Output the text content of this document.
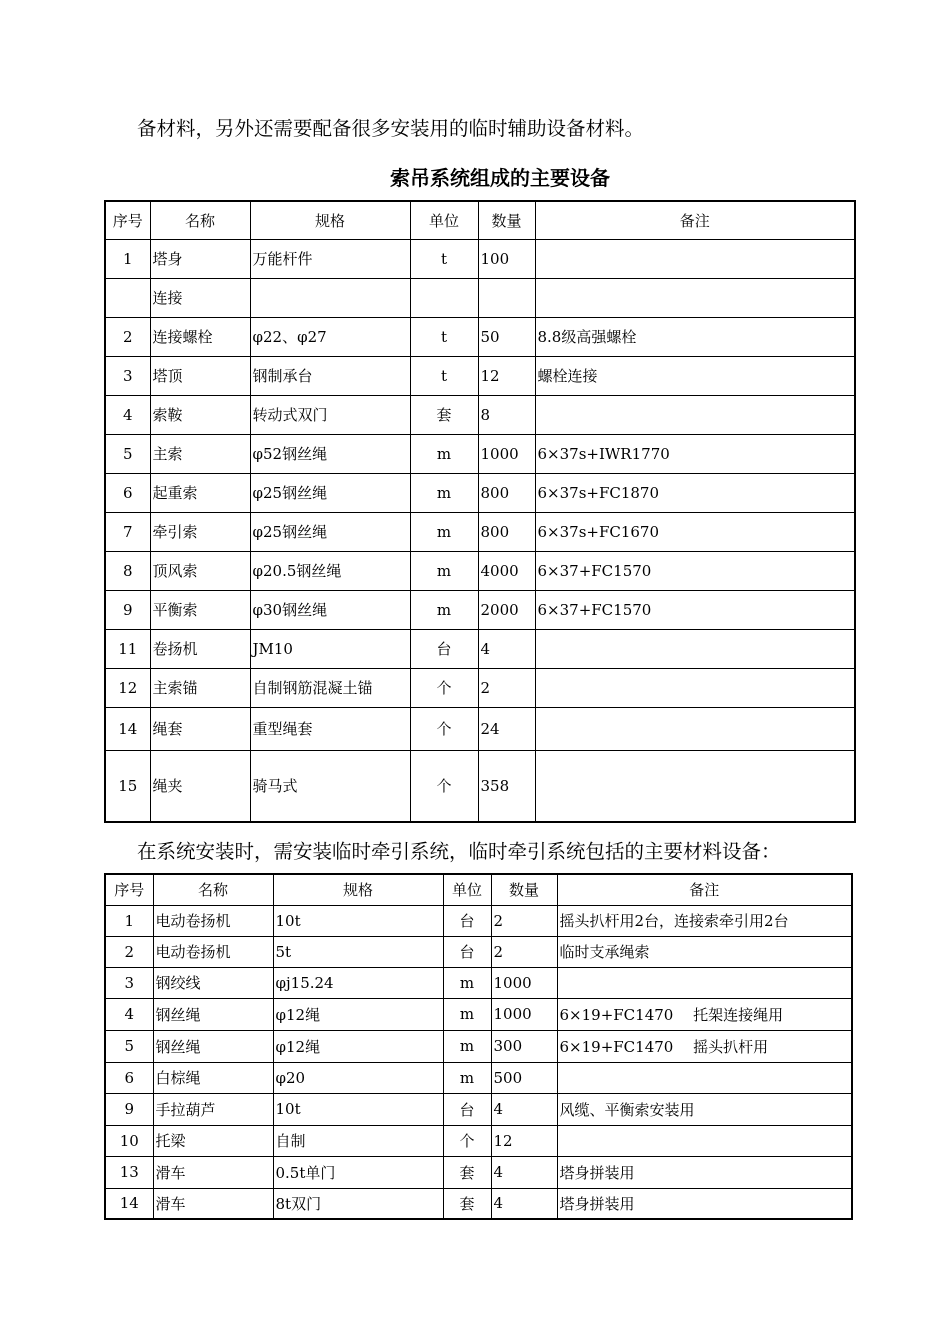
备材料，另外还需要配备很多安装用的临时辅助设备材料。

索吊系统组成的主要设备
序号	名称	规格	单位	数量	备注
1	塔身	万能杆件	t	100	
	连接				
2	连接螺栓	φ22、φ27	t	50	8.8级高强螺栓
3	塔顶	钢制承台	t	12	螺栓连接
4	索鞍	转动式双门	套	8	
5	主索	φ52钢丝绳	m	1000	6×37s+IWR1770
6	起重索	φ25钢丝绳	m	800	6×37s+FC1870
7	牵引索	φ25钢丝绳	m	800	6×37s+FC1670
8	顶风索	φ20.5钢丝绳	m	4000	6×37+FC1570
9	平衡索	φ30钢丝绳	m	2000	6×37+FC1570
11	卷扬机	JM10	台	4	
12	主索锚	自制钢筋混凝土锚	个	2	
14	绳套	重型绳套	个	24	
15	绳夹	骑马式	个	358	

在系统安装时，需安装临时牵引系统，临时牵引系统包括的主要材料设备：

序号	名称	规格	单位	数量	备注
1	电动卷扬机	10t	台	2	摇头扒杆用2台，连接索牵引用2台
2	电动卷扬机	5t	台	2	临时支承绳索
3	钢绞线	φj15.24	m	1000	
4	钢丝绳	φ12绳	m	1000	6×19+FC1470　 托架连接绳用
5	钢丝绳	φ12绳	m	300	6×19+FC1470　 摇头扒杆用
6	白棕绳	φ20	m	500	
9	手拉葫芦	10t	台	4	风缆、平衡索安装用
10	托梁	自制	个	12	
13	滑车	0.5t单门	套	4	塔身拼装用
14	滑车	8t双门	套	4	塔身拼装用
